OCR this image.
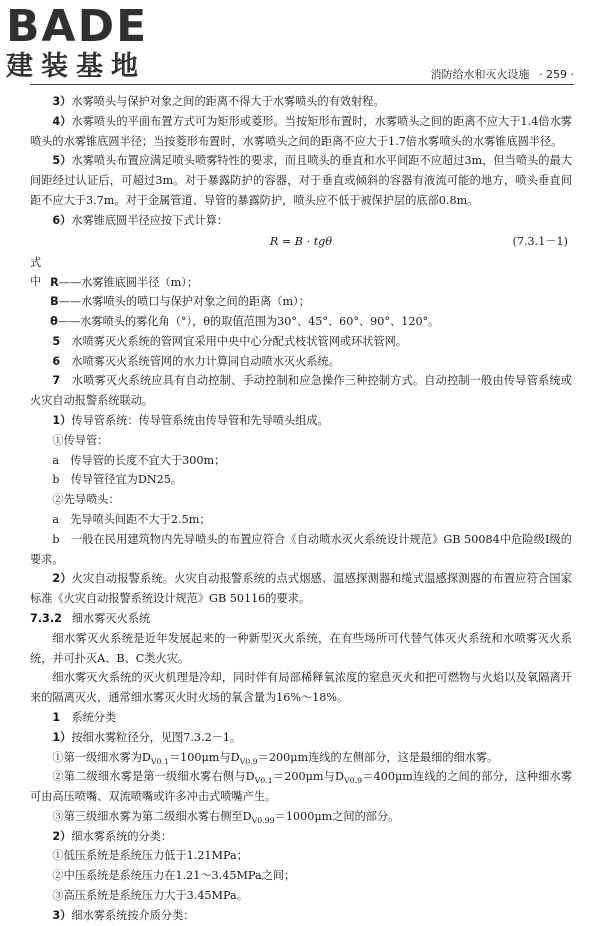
BADE
建装基地	消防给水和灭火设施 · 259 ·

3）水雾喷头与保护对象之间的距离不得大于水雾喷头的有效射程。

4）水雾喷头的平面布置方式可为矩形或菱形。当按矩形布置时，水雾喷头之间的距离不应大于1.4倍水雾喷头的水雾锥底圆半径；当按菱形布置时，水雾喷头之间的距离不应大于1.7倍水雾喷头的水雾锥底圆半径。

5）水雾喷头布置应满足喷头喷雾特性的要求，而且喷头的垂直和水平间距不应超过3m，但当喷头的最大间距经过认证后，可超过3m。对于暴露防护的容器，对于垂直或倾斜的容器有液流可能的地方，喷头垂直间距不应大于3.7m。对于金属管道、导管的暴露防护，喷头应不低于被保护层的底部0.8m。

6）水雾锥底圆半径应按下式计算：

R = B · tgθ	(7.3.1－1)

式中 R——水雾锥底圆半径（m）；

B——水雾喷头的喷口与保护对象之间的距离（m）；

θ——水雾喷头的雾化角（°），θ的取值范围为30°、45°、60°、90°、120°。

5　 水喷雾灭火系统的管网宜采用中央中心分配式枝状管网或环状管网。

6　 水喷雾灭火系统管网的水力计算同自动喷水灭火系统。

7　 水喷雾灭火系统应具有自动控制、手动控制和应急操作三种控制方式。自动控制一般由传导管系统或火灾自动报警系统联动。

1）传导管系统：传导管系统由传导管和先导喷头组成。

①传导管：

a　传导管的长度不宜大于300m；

b　传导管径宜为DN25。

②先导喷头：

a　先导喷头间距不大于2.5m；

b　一般在民用建筑物内先导喷头的布置应符合《自动喷水灭火系统设计规范》GB 50084中危险级Ⅰ级的要求。

2）火灾自动报警系统。火灾自动报警系统的点式烟感、温感探测器和缆式温感探测器的布置应符合国家标准《火灾自动报警系统设计规范》GB 50116的要求。

7.3.2 细水雾灭火系统

细水雾灭火系统是近年发展起来的一种新型灭火系统，在有些场所可代替气体灭火系统和水喷雾灭火系统，并可扑灭A、B、C类火灾。

细水雾灭火系统的灭火机理是冷却，同时伴有局部稀释氧浓度的窒息灭火和把可燃物与火焰以及氧隔离开来的隔离灭火，通常细水雾灭火时火场的氧含量为16%～18%。

1　 系统分类

1）按细水雾粒径分，见图7.3.2－1。

①第一级细水雾为$D_{V0.1}=100\mu m$与$D_{V0.9}=200\mu m$连线的左侧部分，这是最细的细水雾。

②第二级细水雾是第一级细水雾右侧与$D_{V0.1}=200\mu m$与$D_{V0.9}=400\mu m$连线的之间的部分，这种细水雾可由高压喷嘴、双流喷嘴或许多冲击式喷嘴产生。

③第三级细水雾为第二级细水雾右侧至$D_{V0.99}=1000\mu m$之间的部分。

2）细水雾系统的分类：

①低压系统是系统压力低于1.21MPa；

②中压系统是系统压力在1.21～3.45MPa之间；

③高压系统是系统压力大于3.45MPa。

3）细水雾系统按介质分类：
